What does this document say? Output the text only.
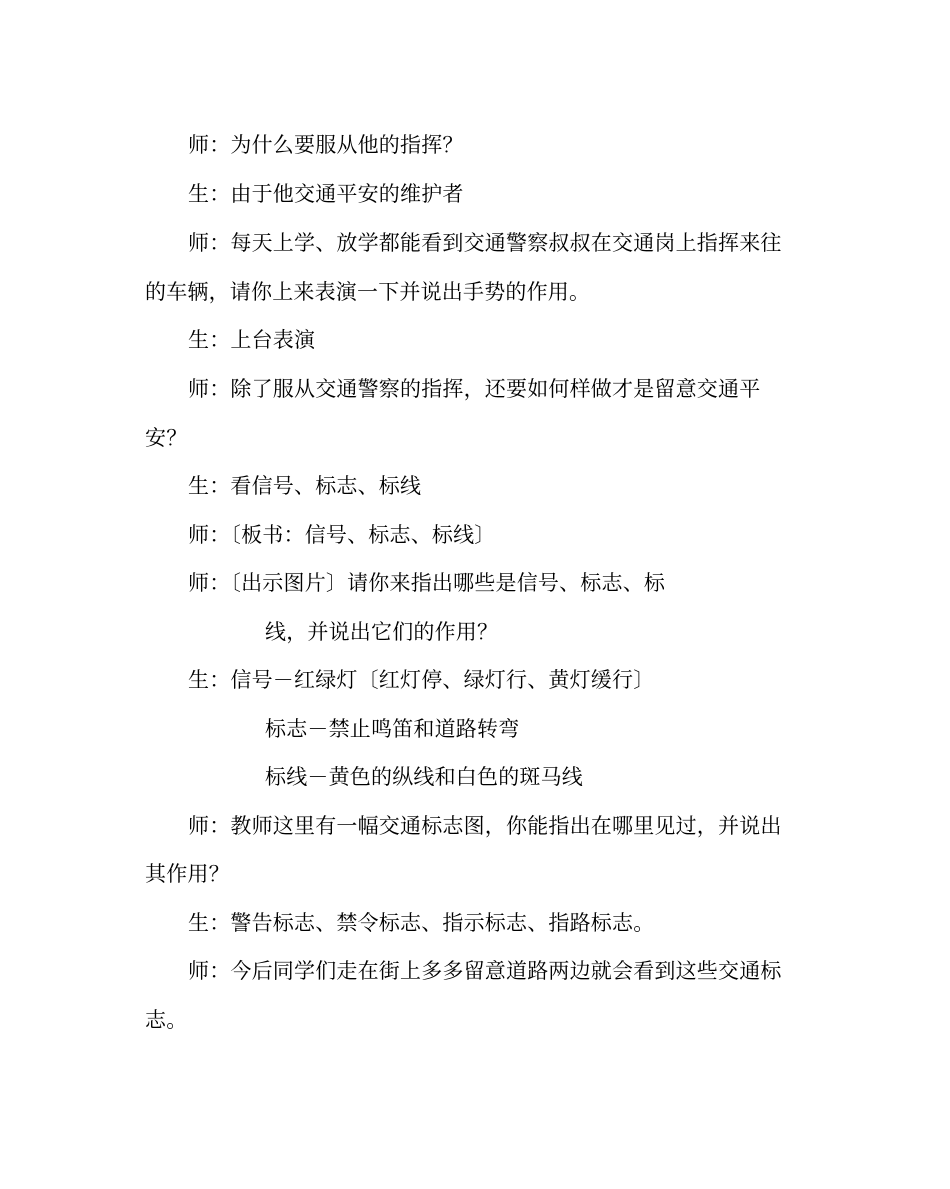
师：为什么要服从他的指挥？
生：由于他交通平安的维护者
师：每天上学、放学都能看到交通警察叔叔在交通岗上指挥来往
的车辆，请你上来表演一下并说出手势的作用。
生：上台表演
师：除了服从交通警察的指挥，还要如何样做才是留意交通平
安？
生：看信号、标志、标线
师：〔板书：信号、标志、标线〕
师：〔出示图片〕请你来指出哪些是信号、标志、标
线，并说出它们的作用？
生：信号－红绿灯〔红灯停、绿灯行、黄灯缓行〕
标志－禁止鸣笛和道路转弯
标线－黄色的纵线和白色的斑马线
师：教师这里有一幅交通标志图，你能指出在哪里见过，并说出
其作用？
生：警告标志、禁令标志、指示标志、指路标志。
师：今后同学们走在街上多多留意道路两边就会看到这些交通标
志。
